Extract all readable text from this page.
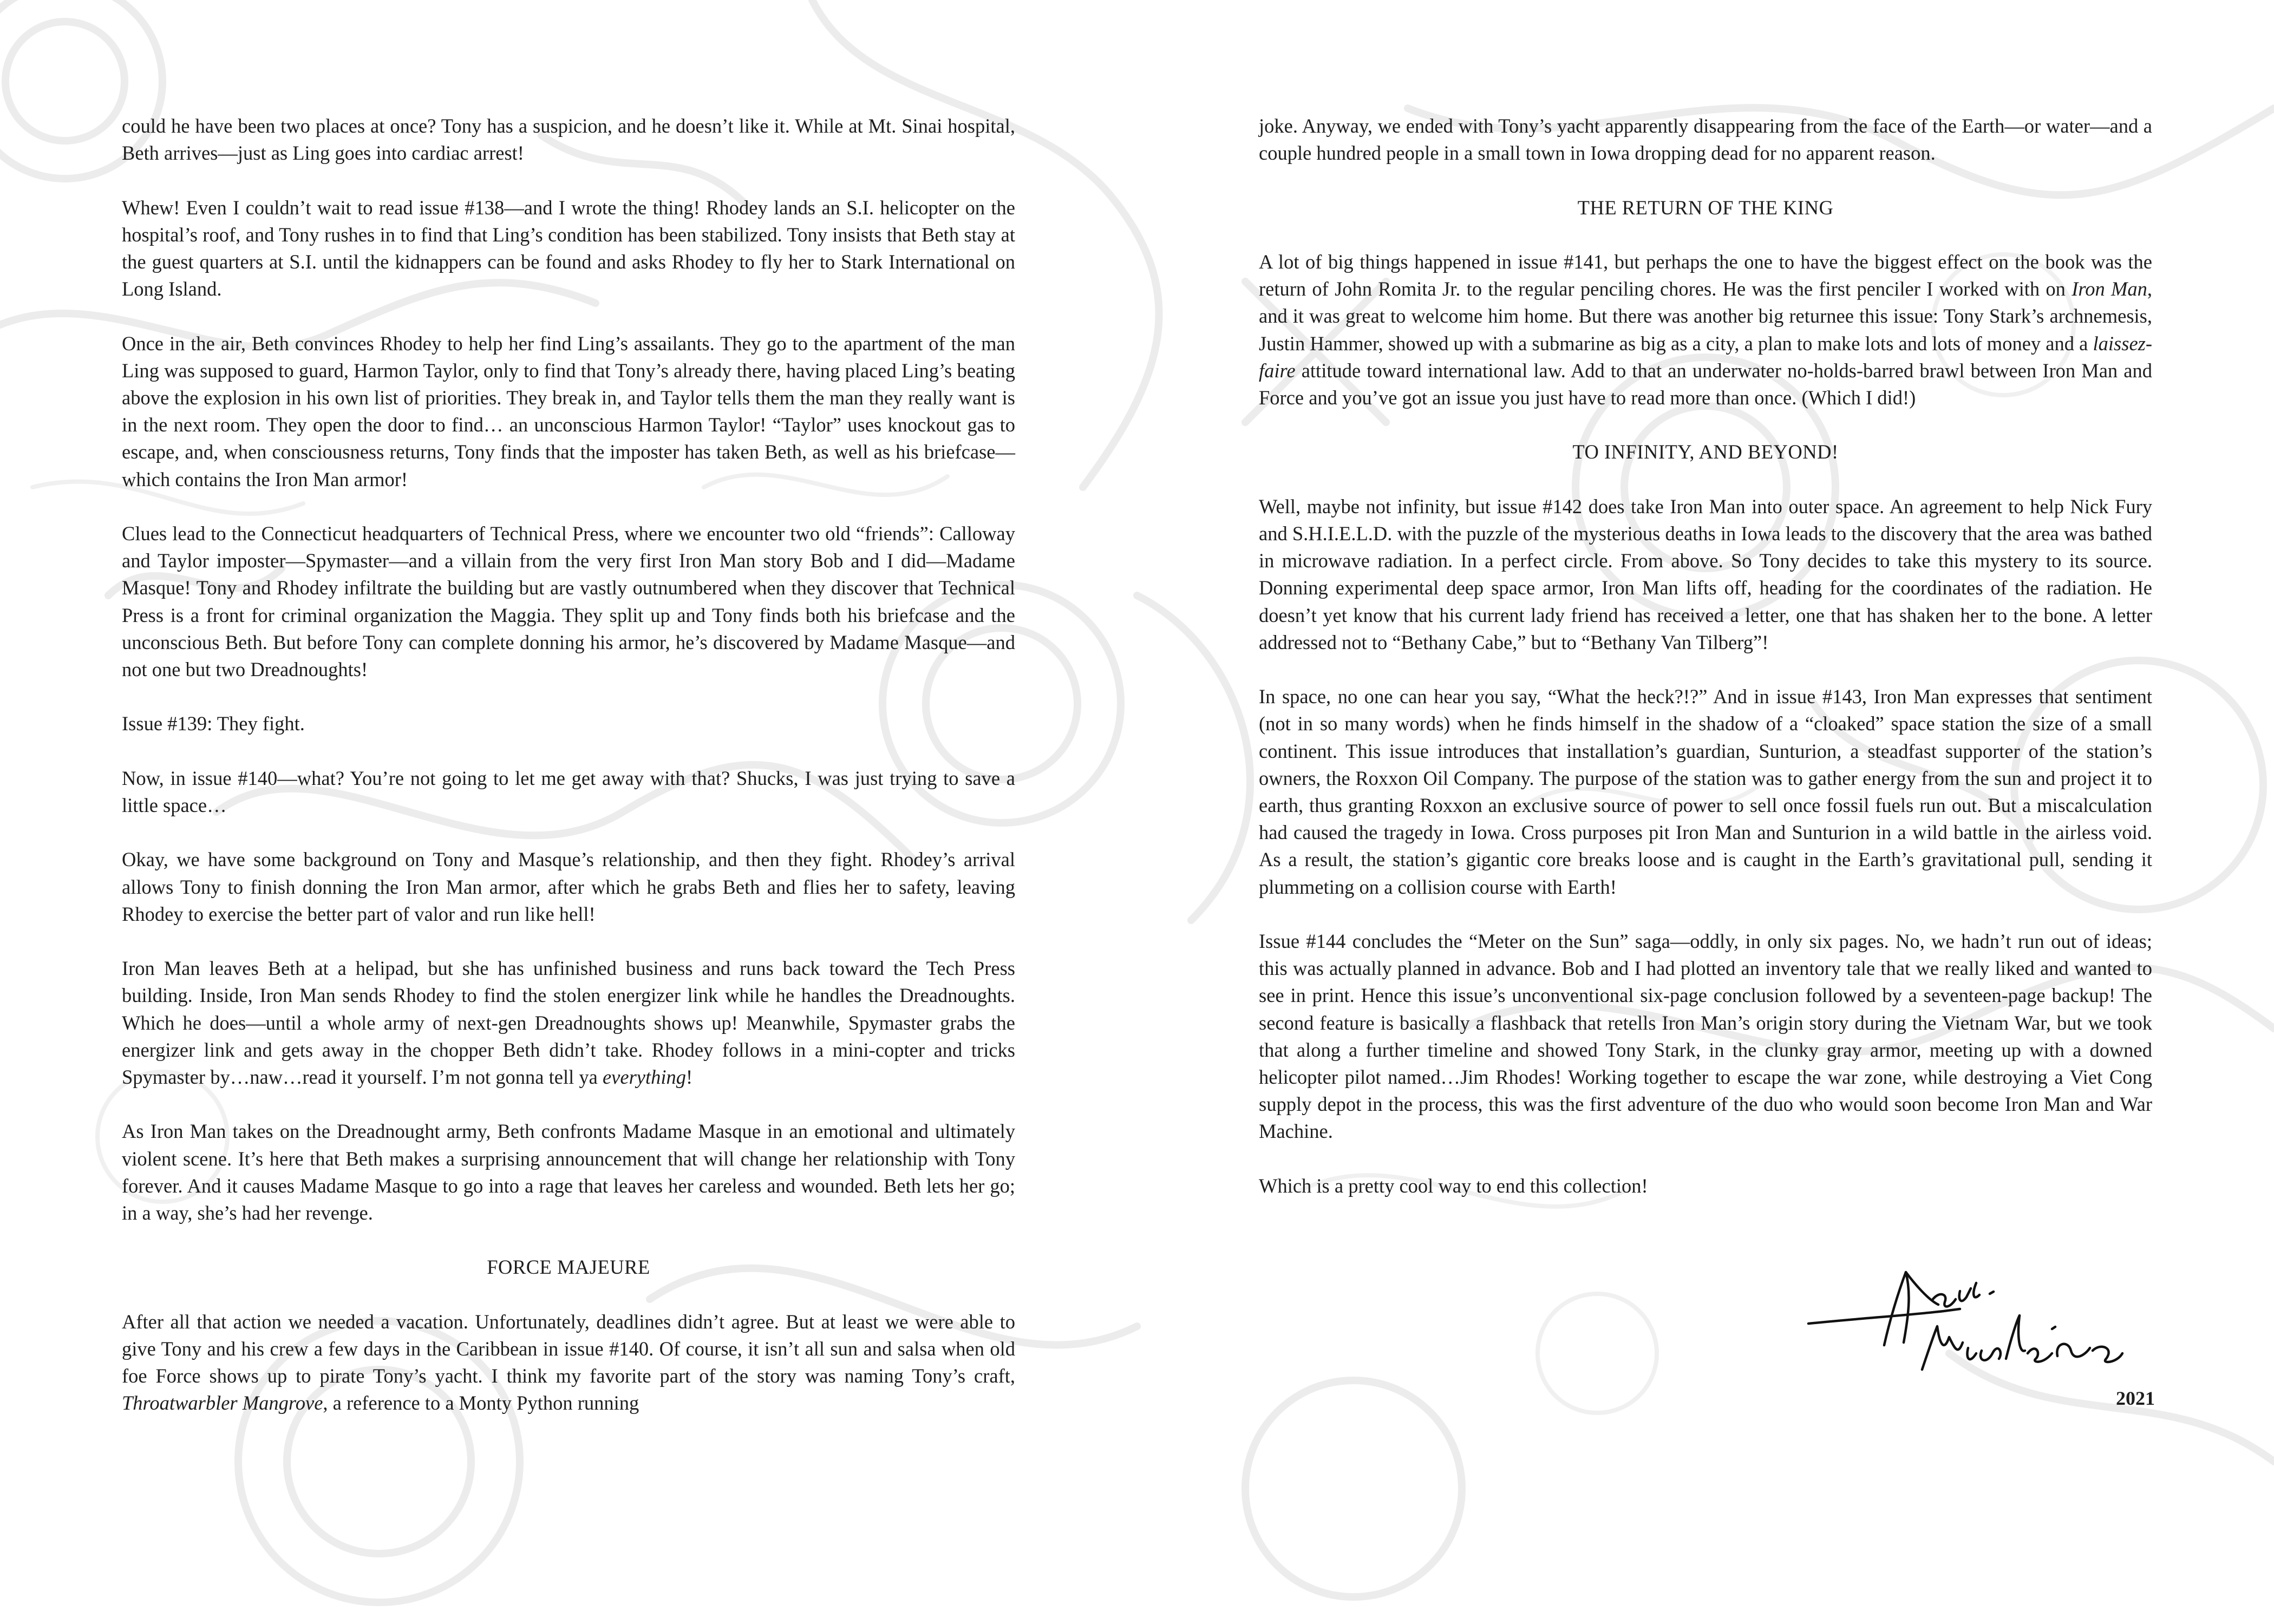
could he have been two places at once? Tony has a suspicion, and he doesn’t like it. While at Mt. Sinai hospital, Beth arrives—just as Ling goes into cardiac arrest!

Whew! Even I couldn’t wait to read issue #138—and I wrote the thing! Rhodey lands an S.I. helicopter on the hospital’s roof, and Tony rushes in to find that Ling’s condition has been stabilized. Tony insists that Beth stay at the guest quarters at S.I. until the kidnappers can be found and asks Rhodey to fly her to Stark International on Long Island.

Once in the air, Beth convinces Rhodey to help her find Ling’s assailants. They go to the apartment of the man Ling was supposed to guard, Harmon Taylor, only to find that Tony’s already there, having placed Ling’s beating above the explosion in his own list of priorities. They break in, and Taylor tells them the man they really want is in the next room. They open the door to find… an unconscious Harmon Taylor! “Taylor” uses knockout gas to escape, and, when consciousness returns, Tony finds that the imposter has taken Beth, as well as his briefcase—which contains the Iron Man armor!

Clues lead to the Connecticut headquarters of Technical Press, where we encounter two old “friends”: Calloway and Taylor imposter—Spymaster—and a villain from the very first Iron Man story Bob and I did—Madame Masque! Tony and Rhodey infiltrate the building but are vastly outnumbered when they discover that Technical Press is a front for criminal organization the Maggia. They split up and Tony finds both his briefcase and the unconscious Beth. But before Tony can complete donning his armor, he’s discovered by Madame Masque—and not one but two Dreadnoughts!

Issue #139: They fight.

Now, in issue #140—what? You’re not going to let me get away with that? Shucks, I was just trying to save a little space…

Okay, we have some background on Tony and Masque’s relationship, and then they fight. Rhodey’s arrival allows Tony to finish donning the Iron Man armor, after which he grabs Beth and flies her to safety, leaving Rhodey to exercise the better part of valor and run like hell!

Iron Man leaves Beth at a helipad, but she has unfinished business and runs back toward the Tech Press building. Inside, Iron Man sends Rhodey to find the stolen energizer link while he handles the Dreadnoughts. Which he does—until a whole army of next-gen Dreadnoughts shows up! Meanwhile, Spymaster grabs the energizer link and gets away in the chopper Beth didn’t take. Rhodey follows in a mini-copter and tricks Spymaster by…naw…read it yourself. I’m not gonna tell ya everything!

As Iron Man takes on the Dreadnought army, Beth confronts Madame Masque in an emotional and ultimately violent scene. It’s here that Beth makes a surprising announcement that will change her relationship with Tony forever. And it causes Madame Masque to go into a rage that leaves her careless and wounded. Beth lets her go; in a way, she’s had her revenge.

FORCE MAJEURE

After all that action we needed a vacation. Unfortunately, deadlines didn’t agree. But at least we were able to give Tony and his crew a few days in the Caribbean in issue #140. Of course, it isn’t all sun and salsa when old foe Force shows up to pirate Tony’s yacht. I think my favorite part of the story was naming Tony’s craft, Throatwarbler Mangrove, a reference to a Monty Python running

joke. Anyway, we ended with Tony’s yacht apparently disappearing from the face of the Earth—or water—and a couple hundred people in a small town in Iowa dropping dead for no apparent reason.

THE RETURN OF THE KING

A lot of big things happened in issue #141, but perhaps the one to have the biggest effect on the book was the return of John Romita Jr. to the regular penciling chores. He was the first penciler I worked with on Iron Man, and it was great to welcome him home. But there was another big returnee this issue: Tony Stark’s archnemesis, Justin Hammer, showed up with a submarine as big as a city, a plan to make lots and lots of money and a laissez-faire attitude toward international law. Add to that an underwater no-holds-barred brawl between Iron Man and Force and you’ve got an issue you just have to read more than once. (Which I did!)

TO INFINITY, AND BEYOND!

Well, maybe not infinity, but issue #142 does take Iron Man into outer space. An agreement to help Nick Fury and S.H.I.E.L.D. with the puzzle of the mysterious deaths in Iowa leads to the discovery that the area was bathed in microwave radiation. In a perfect circle. From above. So Tony decides to take this mystery to its source. Donning experimental deep space armor, Iron Man lifts off, heading for the coordinates of the radiation. He doesn’t yet know that his current lady friend has received a letter, one that has shaken her to the bone. A letter addressed not to “Bethany Cabe,” but to “Bethany Van Tilberg”!

In space, no one can hear you say, “What the heck?!?” And in issue #143, Iron Man expresses that sentiment (not in so many words) when he finds himself in the shadow of a “cloaked” space station the size of a small continent. This issue introduces that installation’s guardian, Sunturion, a steadfast supporter of the station’s owners, the Roxxon Oil Company. The purpose of the station was to gather energy from the sun and project it to earth, thus granting Roxxon an exclusive source of power to sell once fossil fuels run out. But a miscalculation had caused the tragedy in Iowa. Cross purposes pit Iron Man and Sunturion in a wild battle in the airless void. As a result, the station’s gigantic core breaks loose and is caught in the Earth’s gravitational pull, sending it plummeting on a collision course with Earth!

Issue #144 concludes the “Meter on the Sun” saga—oddly, in only six pages. No, we hadn’t run out of ideas; this was actually planned in advance. Bob and I had plotted an inventory tale that we really liked and wanted to see in print. Hence this issue’s unconventional six-page conclusion followed by a seventeen-page backup! The second feature is basically a flashback that retells Iron Man’s origin story during the Vietnam War, but we took that along a further timeline and showed Tony Stark, in the clunky gray armor, meeting up with a downed helicopter pilot named…Jim Rhodes! Working together to escape the war zone, while destroying a Viet Cong supply depot in the process, this was the first adventure of the duo who would soon become Iron Man and War Machine.

Which is a pretty cool way to end this collection!

2021
